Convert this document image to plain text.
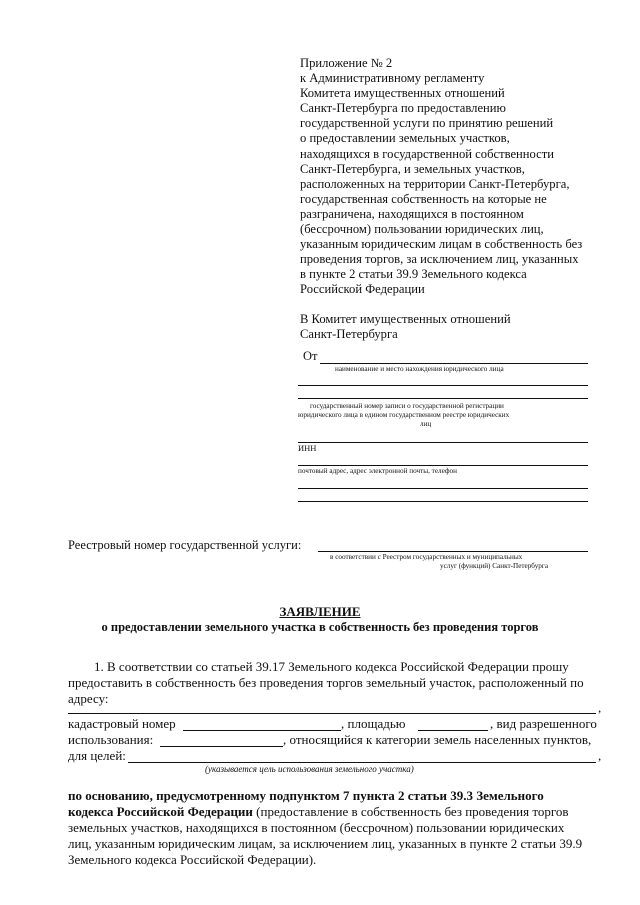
Приложение № 2
к Административному регламенту
Комитета имущественных отношений
Санкт-Петербурга по предоставлению
государственной услуги по принятию решений
о предоставлении земельных участков,
находящихся в государственной собственности
Санкт-Петербурга, и земельных участков,
расположенных на территории Санкт-Петербурга,
государственная собственность на которые не
разграничена, находящихся в постоянном
(бессрочном) пользовании юридических лиц,
указанным юридическим лицам в собственность без
проведения торгов, за исключением лиц, указанных
в пункте 2 статьи 39.9 Земельного кодекса
Российской Федерации
В Комитет имущественных отношений
Санкт-Петербурга
От
наименование и место нахождения юридического лица
государственный номер записи о государственной регистрации
юридического лица в едином государственном реестре юридических
лиц
ИНН
почтовый адрес, адрес электронной почты, телефон
Реестровый номер государственной услуги:
в соответствии с Реестром государственных и муниципальных
услуг (функций) Санкт-Петербурга
ЗАЯВЛЕНИЕ
о предоставлении земельного участка в собственность без проведения торгов
1. В соответствии со статьей 39.17 Земельного кодекса Российской Федерации прошу
предоставить в собственность без проведения торгов земельный участок, расположенный по
адресу:
,
кадастровый номер	, площадью	, вид разрешенного
использования:	, относящийся к категории земель населенных пунктов,
для целей:	,
(указывается цель использования земельного участка)
по основанию, предусмотренному подпунктом 7 пункта 2 статьи 39.3 Земельного
кодекса Российской Федерации (предоставление в собственность без проведения торгов
земельных участков, находящихся в постоянном (бессрочном) пользовании юридических
лиц, указанным юридическим лицам, за исключением лиц, указанных в пункте 2 статьи 39.9
Земельного кодекса Российской Федерации).
